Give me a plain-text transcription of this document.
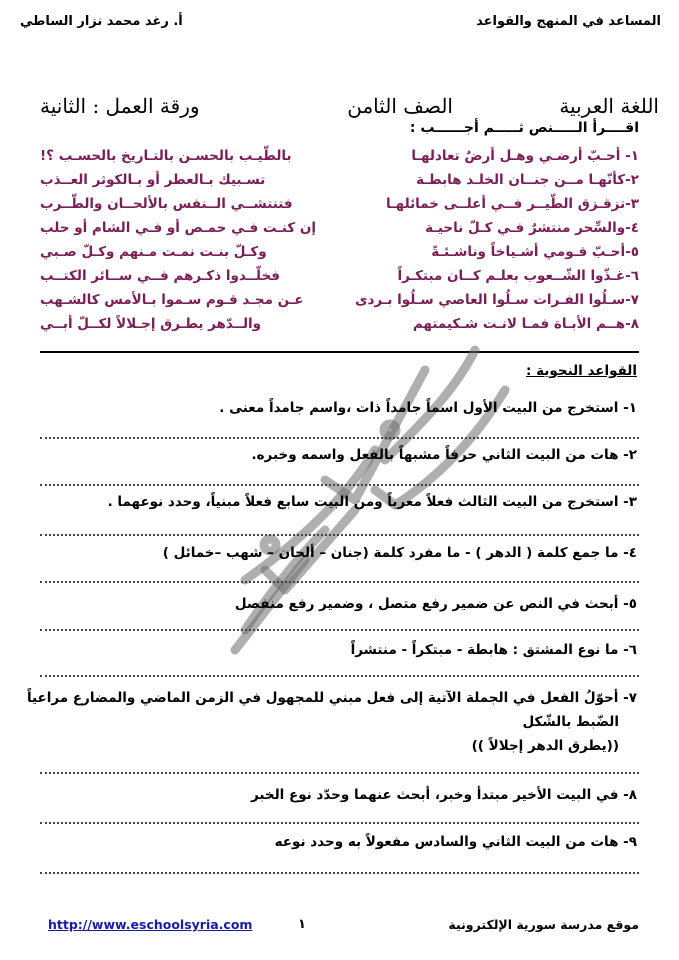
المساعد في المنهج والقواعد
أ. رغد محمد نزار الساطي
اللغة العربية
الصف الثامن
ورقة العمل : الثانية
اقــــرأ الـــــنص ثـــــم أجــــــب :
١- أحـبّ أرضـي وهـل أرضٌ تعادلهـا
بالطّيـب بالحسـن بالتـاريخ بالحسـب ؟!
٢-كأنّهـا مــن جنــان الخلـد هابطـة
تسـبيك بـالعطر أو بـالكوثر العــذب
٣-تزقـزق الطّيــر فــي أعلــى خمائلهـا
فتنتشــي الــنفس بالألحــان والطّــرب
٤-والسِّحر منتشرٌ فـي كـلّ ناحيـة
إن كنـت فـي حمـص أو فـي الشام أو حلب
٥-أحـبّ قـومي أشـياخاً وناشـئـةً
وكـلّ بنـت نمـت مـنهم وكـلّ صـبي
٦-غـذّوا الشّــعوب بعلـم كــان مبتكـراً
فخلّــدوا ذكـرهم فــي ســائر الكتــب
٧-سـلُوا الفـرات سـلُوا العاصي سـلُوا بـردى
عـن مجـد قـوم سـموا بـالأمس كالشـهب
٨-هــم الأبـاة فمـا لانـت شـكيمتهم
والــدّهر يطـرق إجـلالاً لكــلّ أبــي
القواعد النحوية :
١- استخرج من البيت الأول اسماً جامداً ذات ،واسم جامداً معنى .
٢- هات من البيت الثاني حرفاً مشبهاً بالفعل واسمه وخبره.
٣- استخرج من البيت الثالث فعلاً معرباً ومن البيت سابع فعلاً مبنياً، وحدد نوعهما .
٤- ما جمع كلمة ( الدهر ) - ما مفرد كلمة (جنان – ألحان – شهب –خمائل )
٥- أبحث في النص عن ضمير رفع متصل ، وضمير رفع منفصل
٦- ما نوع المشتق : هابطة - مبتكراً - منتشراً
٧- أحوّلُ الفعل في الجملة الآتية إلى فعل مبني للمجهول في الزمن الماضي والمضارع مراعياً
الضّبط بالشّكل
((يطرق الدهر إجلالاً ))
٨- في البيت الأخير مبتدأ وخبر، أبحث عنهما وحدّد نوع الخبر
٩- هات من البيت الثاني والسادس مفعولاً به وحدد نوعه
موقع مدرسة سورية الإلكترونية
١
http://www.eschoolsyria.com
